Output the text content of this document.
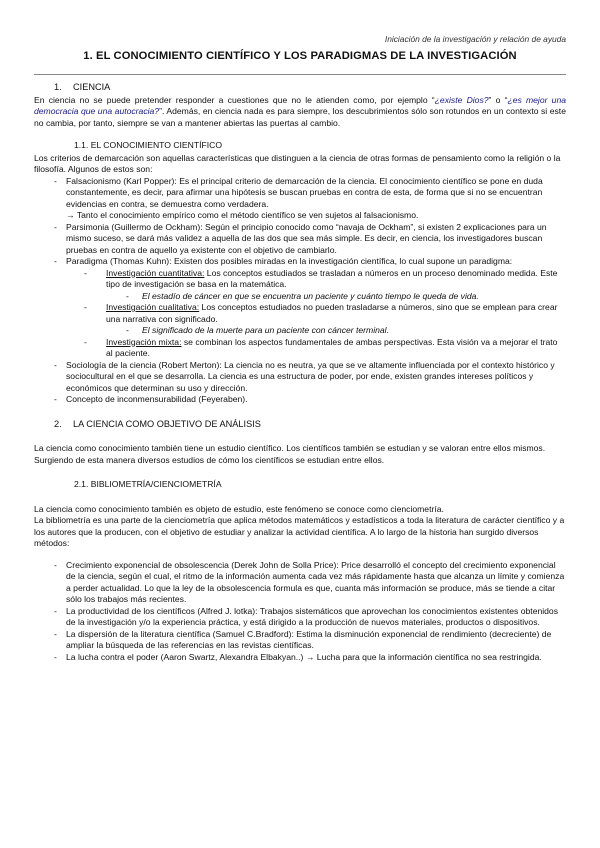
Iniciación de la investigación y relación de ayuda
1. EL CONOCIMIENTO CIENTÍFICO Y LOS PARADIGMAS DE LA INVESTIGACIÓN
1. CIENCIA
En ciencia no se puede pretender responder a cuestiones que no le atienden como, por ejemplo “¿existe Dios?” o “¿es mejor una democracia que una autocracia?”. Además, en ciencia nada es para siempre, los descubrimientos sólo son rotundos en un contexto si este no cambia, por tanto, siempre se van a mantener abiertas las puertas al cambio.
1.1. EL CONOCIMIENTO CIENTÍFICO
Los criterios de demarcación son aquellas características que distinguen a la ciencia de otras formas de pensamiento como la religión o la filosofía. Algunos de estos son:
- Falsacionismo (Karl Popper): Es el principal criterio de demarcación de la ciencia. El conocimiento científico se pone en duda constantemente, es decir, para afirmar una hipótesis se buscan pruebas en contra de esta, de forma que si no se encuentran evidencias en contra, se demuestra como verdadera.
→ Tanto el conocimiento empírico como el método científico se ven sujetos al falsacionismo.
- Parsimonia (Guillermo de Ockham): Según el principio conocido como “navaja de Ockham”, si existen 2 explicaciones para un mismo suceso, se dará más validez a aquella de las dos que sea más simple. Es decir, en ciencia, los investigadores buscan pruebas en contra de aquello ya existente con el objetivo de cambiarlo.
- Paradigma (Thomas Kuhn): Existen dos posibles miradas en la investigación científica, lo cual supone un paradigma:
- Investigación cuantitativa: Los conceptos estudiados se trasladan a números en un proceso denominado medida. Este tipo de investigación se basa en la matemática.
- El estadío de cáncer en que se encuentra un paciente y cuánto tiempo le queda de vida.
- Investigación cualitativa: Los conceptos estudiados no pueden trasladarse a números, sino que se emplean para crear una narrativa con significado.
- El significado de la muerte para un paciente con cáncer terminal.
- Investigación mixta: se combinan los aspectos fundamentales de ambas perspectivas. Esta visión va a mejorar el trato al paciente.
- Sociología de la ciencia (Robert Merton): La ciencia no es neutra, ya que se ve altamente influenciada por el contexto histórico y sociocultural en el que se desarrolla. La ciencia es una estructura de poder, por ende, existen grandes intereses políticos y económicos que determinan su uso y dirección.
- Concepto de inconmensurabilidad (Feyeraben).
2. LA CIENCIA COMO OBJETIVO DE ANÁLISIS
La ciencia como conocimiento también tiene un estudio científico. Los científicos también se estudian y se valoran entre ellos mismos. Surgiendo de esta manera diversos estudios de cómo los científicos se estudian entre ellos.
2.1. BIBLIOMETRÍA/CIENCIOMETRÍA
La ciencia como conocimiento también es objeto de estudio, este fenómeno se conoce como cienciometría.
La bibliometría es una parte de la cienciometría que aplica métodos matemáticos y estadísticos a toda la literatura de carácter científico y a los autores que la producen, con el objetivo de estudiar y analizar la actividad científica. A lo largo de la historia han surgido diversos métodos:
- Crecimiento exponencial de obsolescencia (Derek John de Solla Price): Price desarrolló el concepto del crecimiento exponencial de la ciencia, según el cual, el ritmo de la información aumenta cada vez más rápidamente hasta que alcanza un límite y comienza a perder actualidad. Lo que la ley de la obsolescencia formula es que, cuanta más información se produce, más se tiende a citar sólo los trabajos más recientes.
- La productividad de los científicos (Alfred J. lotka): Trabajos sistemáticos que aprovechan los conocimientos existentes obtenidos de la investigación y/o la experiencia práctica, y está dirigido a la producción de nuevos materiales, productos o dispositivos.
- La dispersión de la literatura científica (Samuel C.Bradford): Estima la disminución exponencial de rendimiento (decreciente) de ampliar la búsqueda de las referencias en las revistas científicas.
- La lucha contra el poder (Aaron Swartz, Alexandra Elbakyan..) → Lucha para que la información científica no sea restringida.
